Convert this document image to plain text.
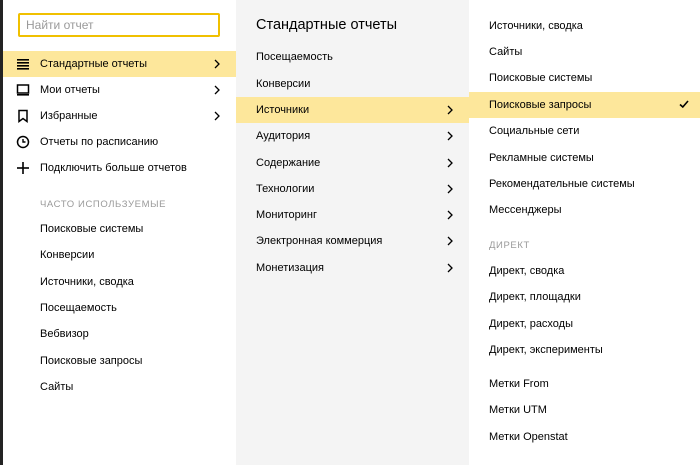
Найти отчет
Стандартные отчеты
Мои отчеты
Избранные
Отчеты по расписанию
Подключить больше отчетов
ЧАСТО ИСПОЛЬЗУЕМЫЕ
Поисковые системы
Конверсии
Источники, сводка
Посещаемость
Вебвизор
Поисковые запросы
Сайты
Стандартные отчеты
Посещаемость
Конверсии
Источники
Аудитория
Содержание
Технологии
Мониторинг
Электронная коммерция
Монетизация
Источники, сводка
Сайты
Поисковые системы
Поисковые запросы
Социальные сети
Рекламные системы
Рекомендательные системы
Мессенджеры
ДИРЕКТ
Директ, сводка
Директ, площадки
Директ, расходы
Директ, эксперименты
Метки From
Метки UTM
Метки Openstat
